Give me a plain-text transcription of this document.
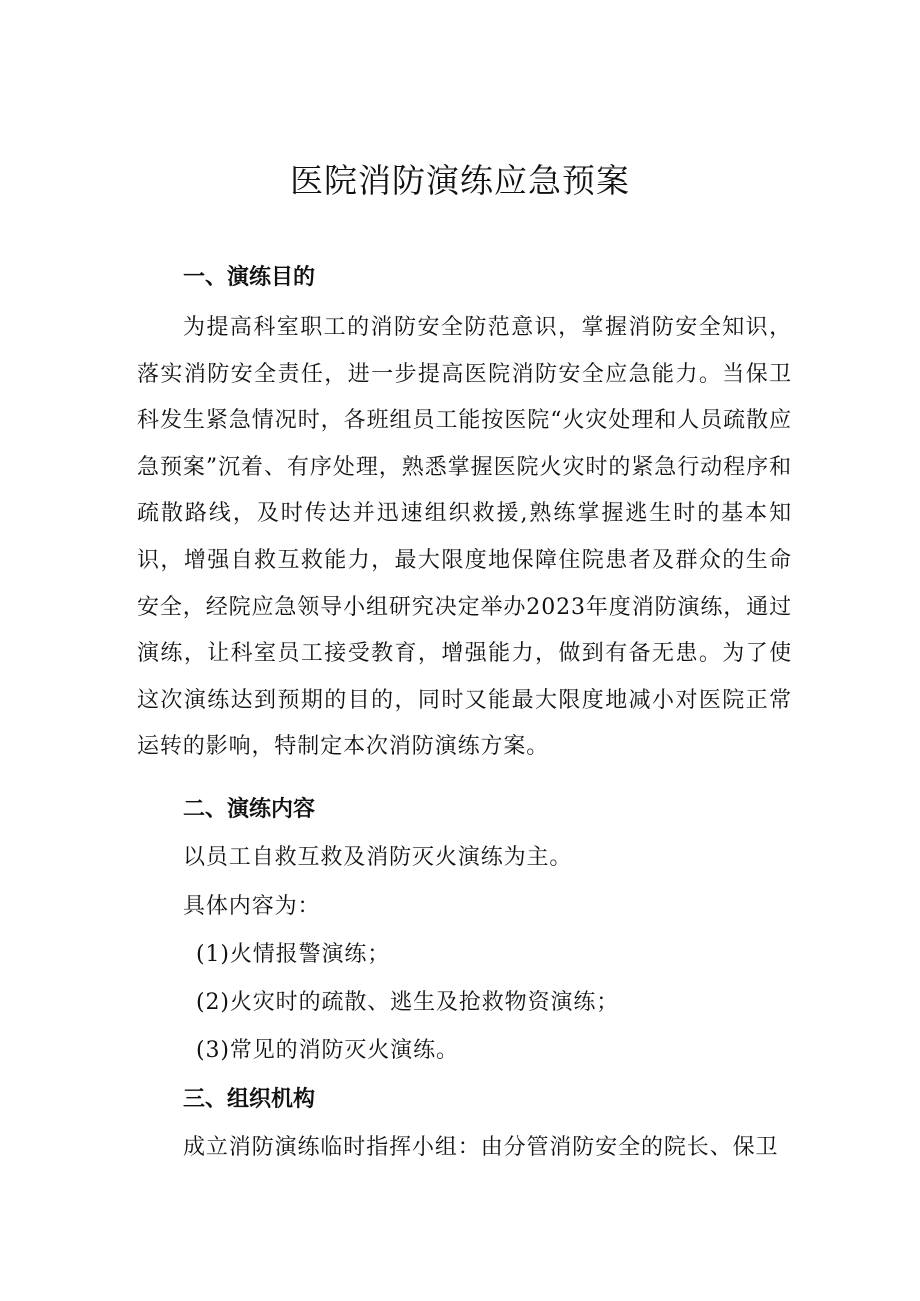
医院消防演练应急预案
一、演练目的

为提高科室职工的消防安全防范意识，掌握消防安全知识，落实消防安全责任，进一步提高医院消防安全应急能力。当保卫科发生紧急情况时，各班组员工能按医院“火灾处理和人员疏散应急预案”沉着、有序处理，熟悉掌握医院火灾时的紧急行动程序和疏散路线，及时传达并迅速组织救援,熟练掌握逃生时的基本知识，增强自救互救能力，最大限度地保障住院患者及群众的生命安全，经院应急领导小组研究决定举办2023年度消防演练，通过演练，让科室员工接受教育，增强能力，做到有备无患。为了使这次演练达到预期的目的，同时又能最大限度地减小对医院正常运转的影响，特制定本次消防演练方案。

二、演练内容

以员工自救互救及消防灭火演练为主。

具体内容为：

(1)火情报警演练；

(2)火灾时的疏散、逃生及抢救物资演练；

(3)常见的消防灭火演练。

三、组织机构

成立消防演练临时指挥小组：由分管消防安全的院长、保卫
